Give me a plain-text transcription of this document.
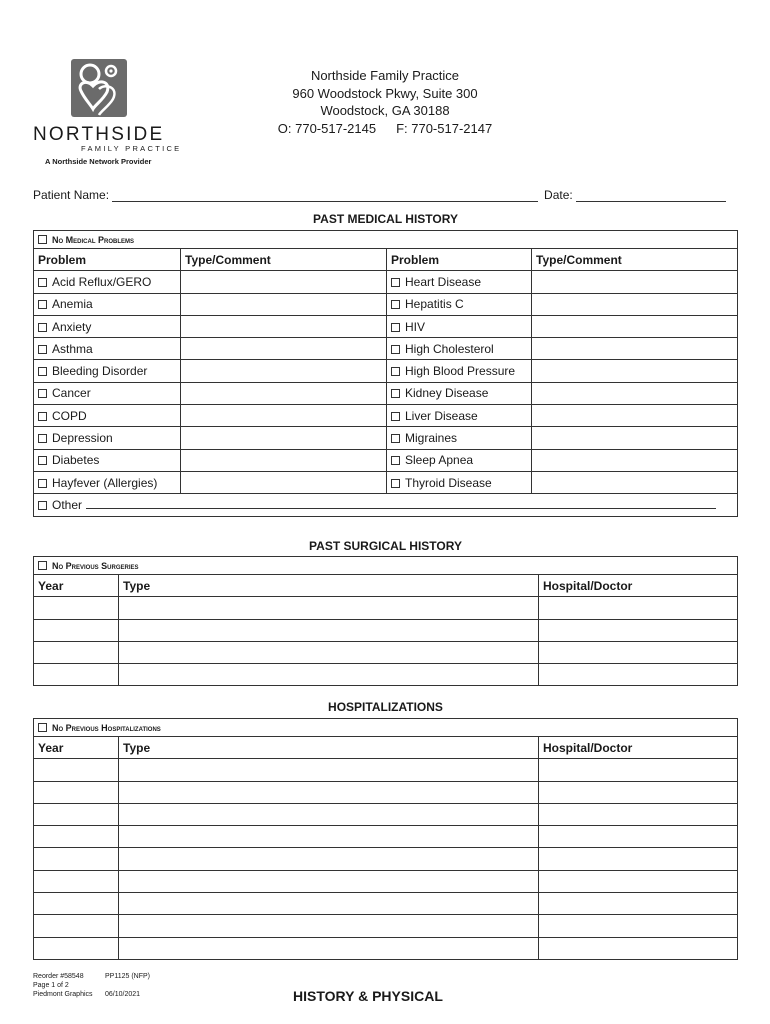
NORTHSIDE
FAMILY PRACTICE
A Northside Network Provider
Northside Family Practice
960 Woodstock Pkwy, Suite 300
Woodstock, GA 30188
O: 770-517-2145 F: 770-517-2147
Patient Name:	Date:
PAST MEDICAL HISTORY
No Medical Problems			
Problem	Type/Comment	Problem	Type/Comment
Acid Reflux/GERO		Heart Disease	
Anemia		Hepatitis C	
Anxiety		HIV	
Asthma		High Cholesterol	
Bleeding Disorder		High Blood Pressure	
Cancer		Kidney Disease	
COPD		Liver Disease	
Depression		Migraines	
Diabetes		Sleep Apnea	
Hayfever (Allergies)		Thyroid Disease	
Other			
PAST SURGICAL HISTORY
No Previous Surgeries		
Year	Type	Hospital/Doctor

HOSPITALIZATIONS
No Previous Hospitalizations		
Year	Type	Hospital/Doctor

Reorder #58548	PP1125 (NFP)
Page 1 of 2
Piedmont Graphics 06/10/2021	HISTORY & PHYSICAL
